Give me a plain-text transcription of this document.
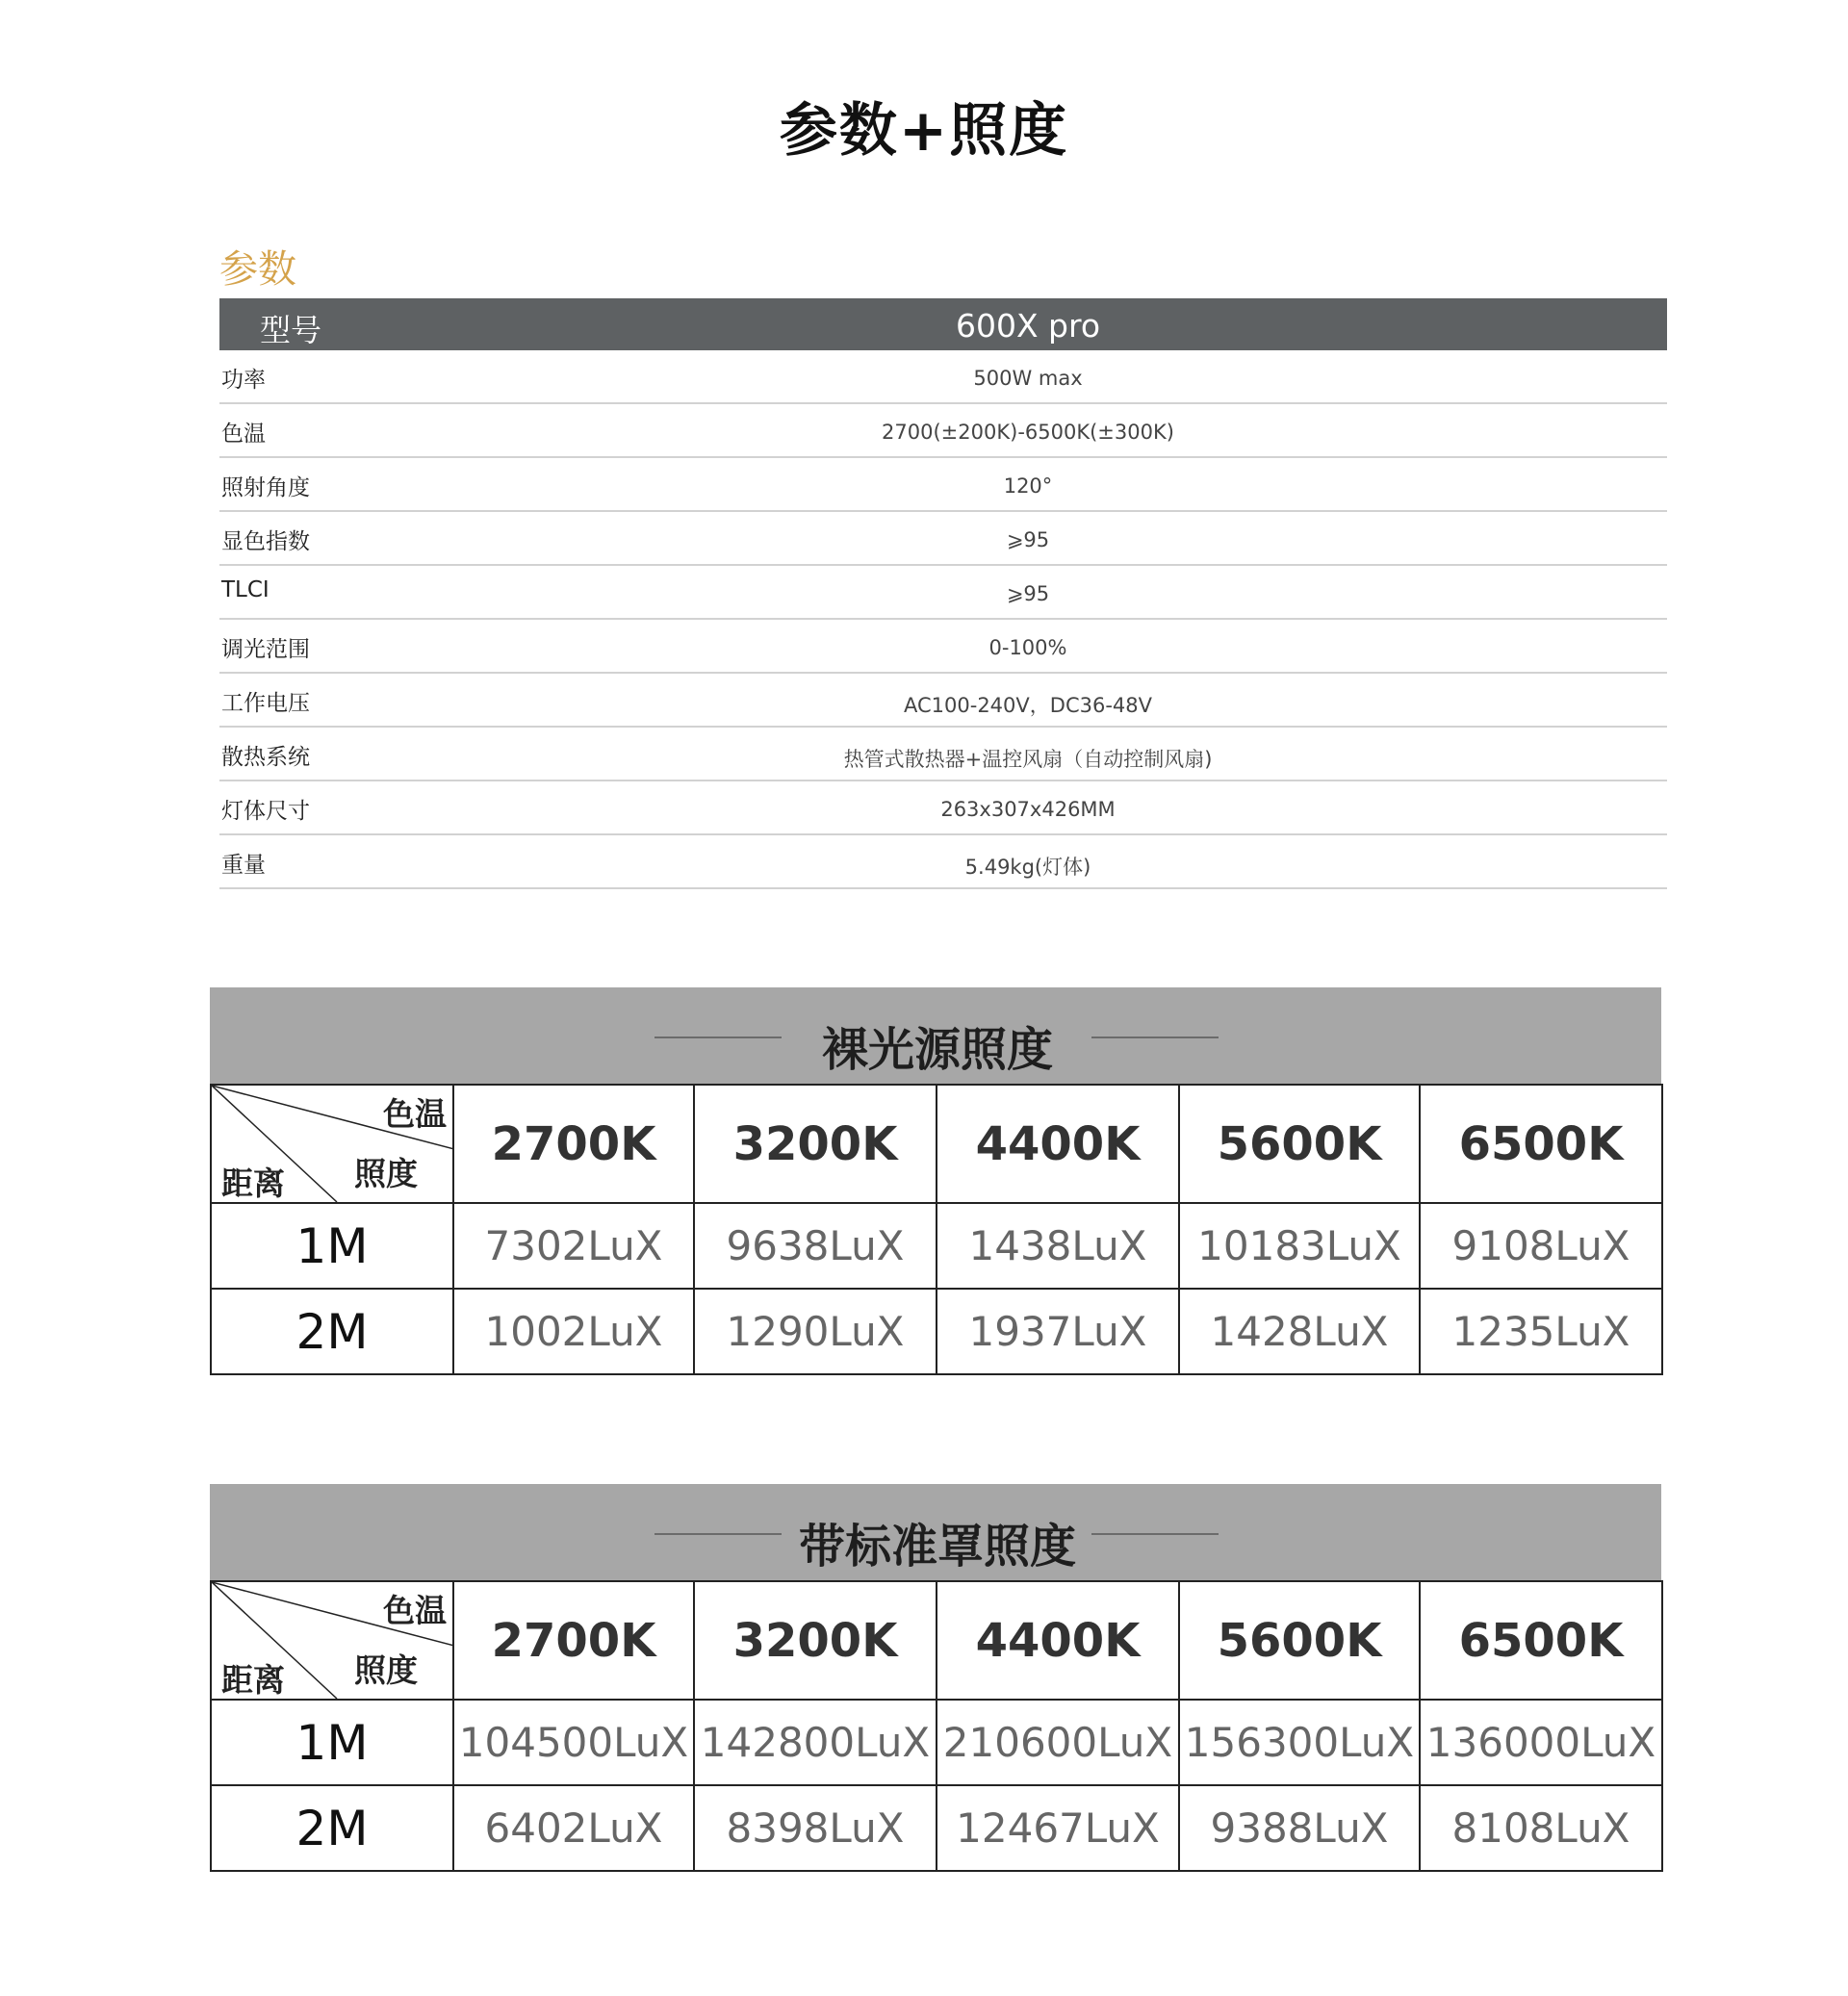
参数+照度
参数
型号	600X pro
功率	500W max
色温	2700(±200K)-6500K(±300K)
照射角度	120°
显色指数	⩾95
TLCI	⩾95
调光范围	0-100%
工作电压	AC100-240V，DC36-48V
散热系统	热管式散热器+温控风扇（自动控制风扇)
灯体尺寸	263x307x426MM
重量	5.49kg(灯体)
裸光源照度
色温
照度
距离	2700K	3200K	4400K	5600K	6500K
1M	7302LuX	9638LuX	1438LuX	10183LuX	9108LuX
2M	1002LuX	1290LuX	1937LuX	1428LuX	1235LuX
带标准罩照度
色温
照度
距离	2700K	3200K	4400K	5600K	6500K
1M	104500LuX	142800LuX	210600LuX	156300LuX	136000LuX
2M	6402LuX	8398LuX	12467LuX	9388LuX	8108LuX
